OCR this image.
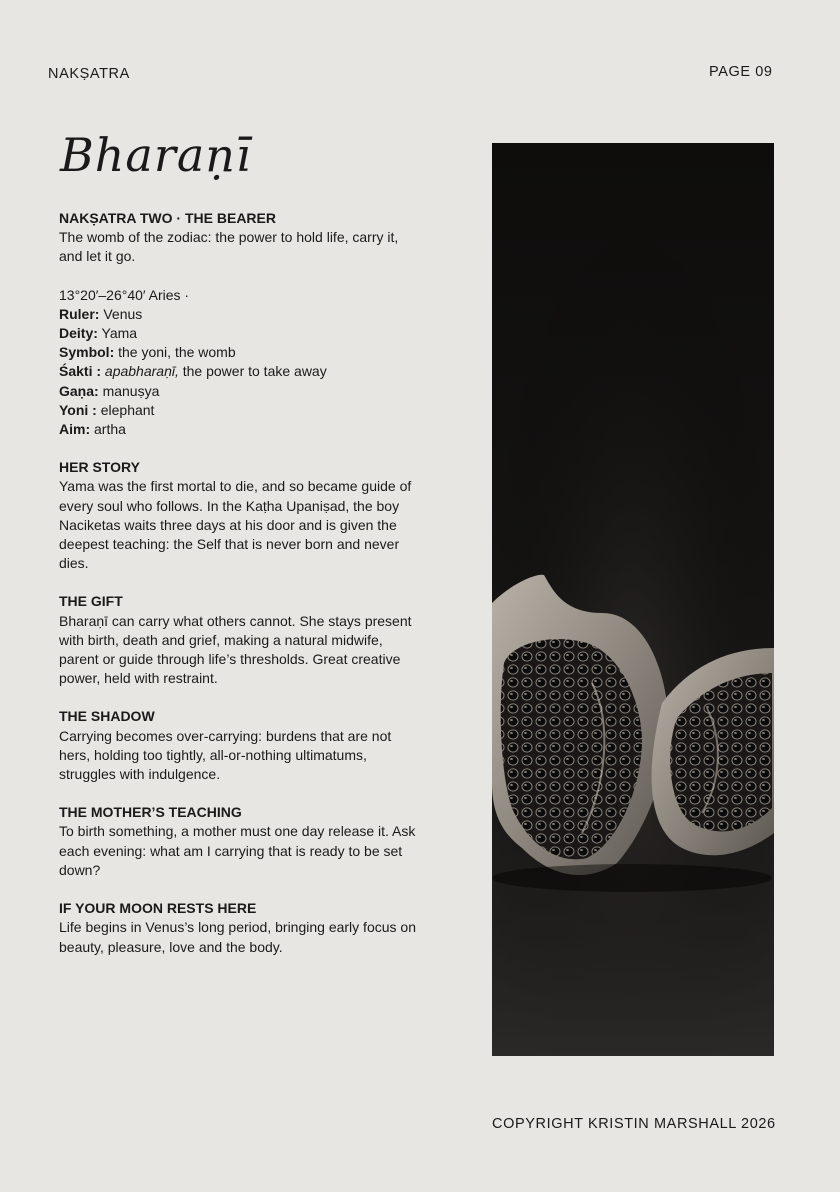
NAKṢATRA	PAGE 09
Bharaṇī
NAKṢATRA TWO · THE BEARER
The womb of the zodiac: the power to hold life, carry it, and let it go.
13°20′–26°40′ Aries ·
Ruler: Venus
Deity: Yama
Symbol: the yoni, the womb
Śakti : apabharaṇī, the power to take away
Gaṇa: manuṣya
Yoni : elephant
Aim: artha
HER STORY
Yama was the first mortal to die, and so became guide of every soul who follows. In the Kaṭha Upaniṣad, the boy Naciketas waits three days at his door and is given the deepest teaching: the Self that is never born and never dies.
THE GIFT
Bharaṇī can carry what others cannot. She stays present with birth, death and grief, making a natural midwife, parent or guide through life’s thresholds. Great creative power, held with restraint.
THE SHADOW
Carrying becomes over-carrying: burdens that are not hers, holding too tightly, all-or-nothing ultimatums, struggles with indulgence.
THE MOTHER’S TEACHING
To birth something, a mother must one day release it. Ask each evening: what am I carrying that is ready to be set down?
IF YOUR MOON RESTS HERE
Life begins in Venus’s long period, bringing early focus on beauty, pleasure, love and the body.
COPYRIGHT KRISTIN MARSHALL 2026
